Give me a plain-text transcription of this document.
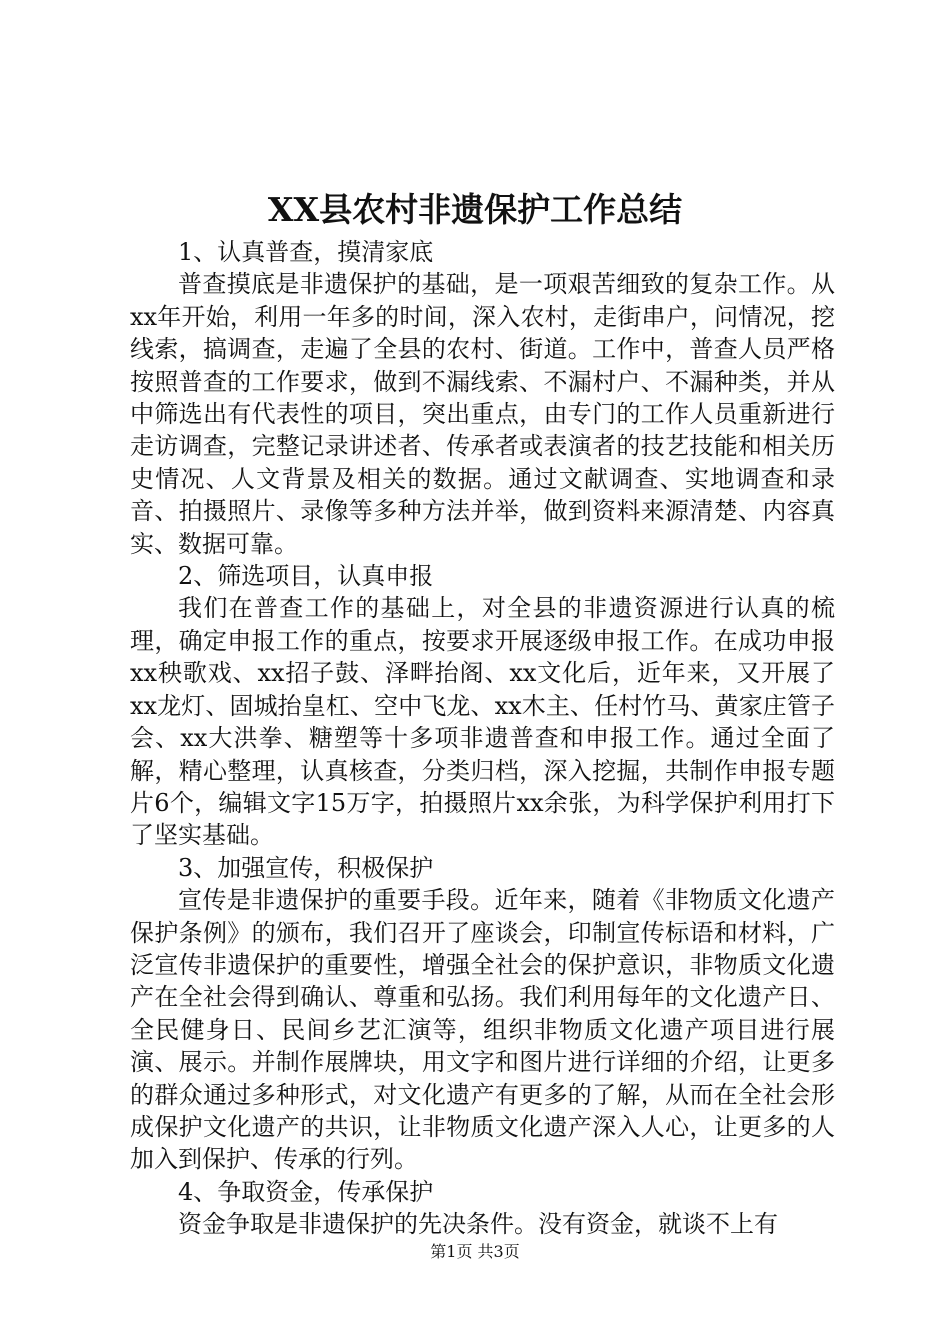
XX县农村非遗保护工作总结

1、认真普查，摸清家底

普查摸底是非遗保护的基础，是一项艰苦细致的复杂工作。从xx年开始，利用一年多的时间，深入农村，走街串户，问情况，挖线索，搞调查，走遍了全县的农村、街道。工作中，普查人员严格按照普查的工作要求，做到不漏线索、不漏村户、不漏种类，并从中筛选出有代表性的项目，突出重点，由专门的工作人员重新进行走访调查，完整记录讲述者、传承者或表演者的技艺技能和相关历史情况、人文背景及相关的数据。通过文献调查、实地调查和录音、拍摄照片、录像等多种方法并举，做到资料来源清楚、内容真实、数据可靠。

2、筛选项目，认真申报

我们在普查工作的基础上，对全县的非遗资源进行认真的梳理，确定申报工作的重点，按要求开展逐级申报工作。在成功申报xx秧歌戏、xx招子鼓、泽畔抬阁、xx文化后，近年来，又开展了xx龙灯、固城抬皇杠、空中飞龙、xx木主、任村竹马、黄家庄管子会、xx大洪拳、糖塑等十多项非遗普查和申报工作。通过全面了解，精心整理，认真核查，分类归档，深入挖掘，共制作申报专题片6个，编辑文字15万字，拍摄照片xx余张，为科学保护利用打下了坚实基础。

3、加强宣传，积极保护

宣传是非遗保护的重要手段。近年来，随着《非物质文化遗产保护条例》的颁布，我们召开了座谈会，印制宣传标语和材料，广泛宣传非遗保护的重要性，增强全社会的保护意识，非物质文化遗产在全社会得到确认、尊重和弘扬。我们利用每年的文化遗产日、全民健身日、民间乡艺汇演等，组织非物质文化遗产项目进行展演、展示。并制作展牌块，用文字和图片进行详细的介绍，让更多的群众通过多种形式，对文化遗产有更多的了解，从而在全社会形成保护文化遗产的共识，让非物质文化遗产深入人心，让更多的人加入到保护、传承的行列。

4、争取资金，传承保护

资金争取是非遗保护的先决条件。没有资金，就谈不上有

第1页 共3页
